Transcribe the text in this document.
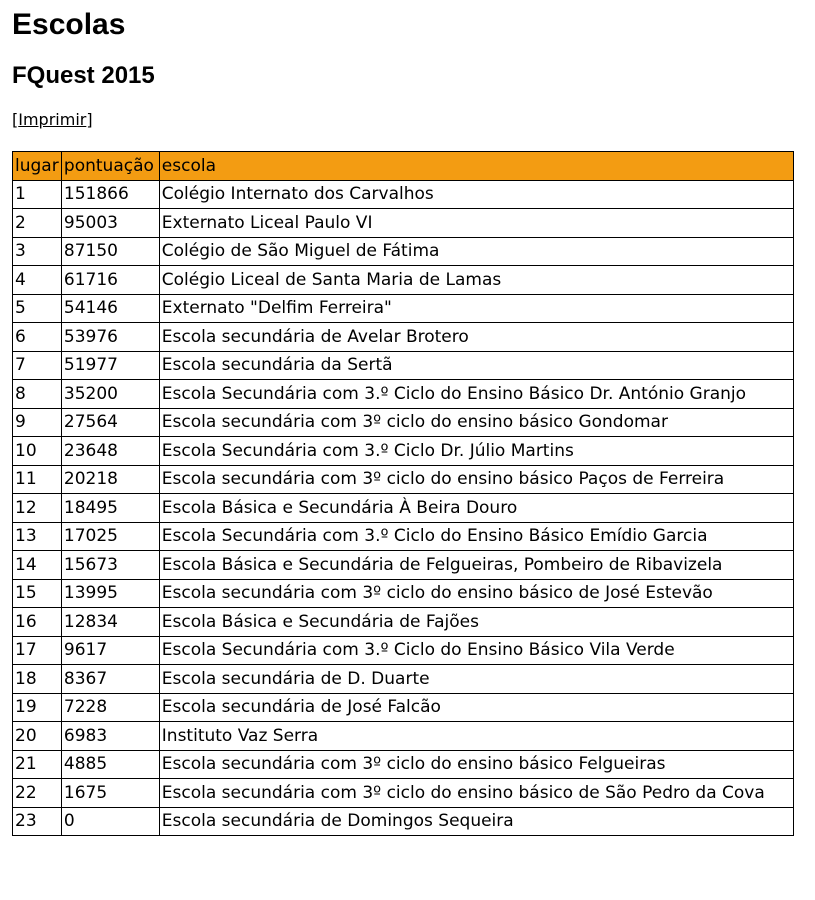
Escolas
FQuest 2015
[Imprimir]
lugar	pontuação	escola
1	151866	Colégio Internato dos Carvalhos
2	95003	Externato Liceal Paulo VI
3	87150	Colégio de São Miguel de Fátima
4	61716	Colégio Liceal de Santa Maria de Lamas
5	54146	Externato "Delfim Ferreira"
6	53976	Escola secundária de Avelar Brotero
7	51977	Escola secundária da Sertã
8	35200	Escola Secundária com 3.º Ciclo do Ensino Básico Dr. António Granjo
9	27564	Escola secundária com 3º ciclo do ensino básico Gondomar
10	23648	Escola Secundária com 3.º Ciclo Dr. Júlio Martins
11	20218	Escola secundária com 3º ciclo do ensino básico Paços de Ferreira
12	18495	Escola Básica e Secundária À Beira Douro
13	17025	Escola Secundária com 3.º Ciclo do Ensino Básico Emídio Garcia
14	15673	Escola Básica e Secundária de Felgueiras, Pombeiro de Ribavizela
15	13995	Escola secundária com 3º ciclo do ensino básico de José Estevão
16	12834	Escola Básica e Secundária de Fajões
17	9617	Escola Secundária com 3.º Ciclo do Ensino Básico Vila Verde
18	8367	Escola secundária de D. Duarte
19	7228	Escola secundária de José Falcão
20	6983	Instituto Vaz Serra
21	4885	Escola secundária com 3º ciclo do ensino básico Felgueiras
22	1675	Escola secundária com 3º ciclo do ensino básico de São Pedro da Cova
23	0	Escola secundária de Domingos Sequeira
